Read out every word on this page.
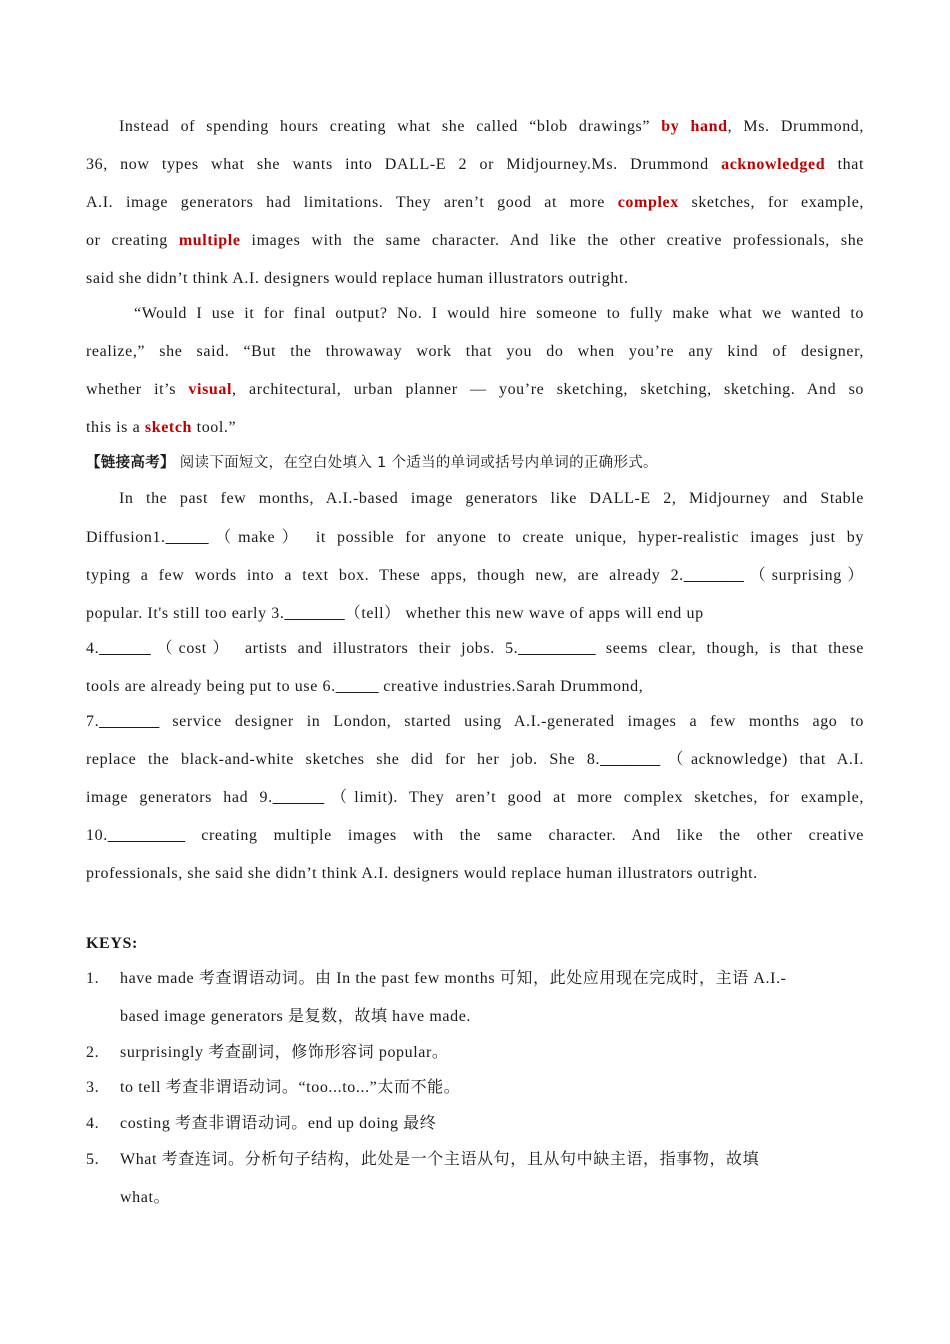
Instead of spending hours creating what she called “blob drawings” by hand, Ms. Drummond,
36, now types what she wants into DALL-E 2 or Midjourney.Ms. Drummond acknowledged that
A.I. image generators had limitations. They aren’t good at more complex sketches, for example,
or creating multiple images with the same character. And like the other creative professionals, she
said she didn’t think A.I. designers would replace human illustrators outright.
“Would I use it for final output? No. I would hire someone to fully make what we wanted to
realize,” she said. “But the throwaway work that you do when you’re any kind of designer,
whether it’s visual, architectural, urban planner — you’re sketching, sketching, sketching. And so
this is a sketch tool.”
【链接高考】 阅读下面短文，在空白处填入 1 个适当的单词或括号内单词的正确形式。
In the past few months, A.I.-based image generators like DALL-E 2, Midjourney and Stable
Diffusion1._____（make） it possible for anyone to create unique, hyper-realistic images just by
typing a few words into a text box. These apps, though new, are already 2._______（surprising）
popular. It's still too early 3._______（tell） whether this new wave of apps will end up
4.______（cost） artists and illustrators their jobs. 5._________ seems clear, though, is that these
tools are already being put to use 6._____ creative industries.Sarah Drummond,
7._______ service designer in London, started using A.I.-generated images a few months ago to
replace the black-and-white sketches she did for her job. She 8._______（acknowledge) that A.I.
image generators had 9.______（limit). They aren’t good at more complex sketches, for example,
10._________ creating multiple images with the same character. And like the other creative
professionals, she said she didn’t think A.I. designers would replace human illustrators outright.
KEYS:
1.	have made 考查谓语动词。由 In the past few months 可知，此处应用现在完成时，主语 A.I.-
based image generators 是复数，故填 have made.
2.	surprisingly 考查副词，修饰形容词 popular。
3.	to tell 考查非谓语动词。“too...to...”太而不能。
4.	costing 考查非谓语动词。end up doing 最终
5.	What 考查连词。分析句子结构，此处是一个主语从句，且从句中缺主语，指事物，故填
what。
